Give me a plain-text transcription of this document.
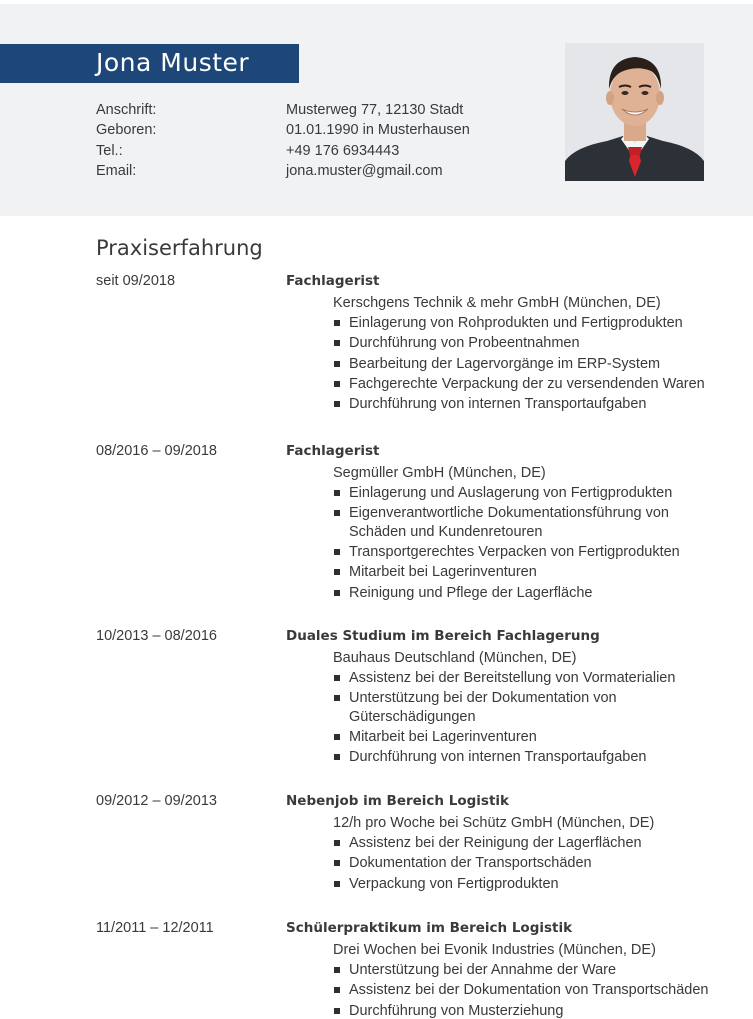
Jona Muster
Anschrift:	Musterweg 77, 12130 Stadt
Geboren:	01.01.1990 in Musterhausen
Tel.:	+49 176 6934443
Email:	jona.muster@gmail.com
Praxiserfahrung
seit 09/2018	Fachlagerist
Kerschgens Technik & mehr GmbH (München, DE)
Einlagerung von Rohprodukten und Fertigprodukten
Durchführung von Probeentnahmen
Bearbeitung der Lagervorgänge im ERP-System
Fachgerechte Verpackung der zu versendenden Waren
Durchführung von internen Transportaufgaben
08/2016 – 09/2018	Fachlagerist
Segmüller GmbH (München, DE)
Einlagerung und Auslagerung von Fertigprodukten
Eigenverantwortliche Dokumentationsführung von Schäden und Kundenretouren
Transportgerechtes Verpacken von Fertigprodukten
Mitarbeit bei Lagerinventuren
Reinigung und Pflege der Lagerfläche
10/2013 – 08/2016	Duales Studium im Bereich Fachlagerung
Bauhaus Deutschland (München, DE)
Assistenz bei der Bereitstellung von Vormaterialien
Unterstützung bei der Dokumentation von Güterschädigungen
Mitarbeit bei Lagerinventuren
Durchführung von internen Transportaufgaben
09/2012 – 09/2013	Nebenjob im Bereich Logistik
12/h pro Woche bei Schütz GmbH (München, DE)
Assistenz bei der Reinigung der Lagerflächen
Dokumentation der Transportschäden
Verpackung von Fertigprodukten
11/2011 – 12/2011	Schülerpraktikum im Bereich Logistik
Drei Wochen bei Evonik Industries (München, DE)
Unterstützung bei der Annahme der Ware
Assistenz bei der Dokumentation von Transportschäden
Durchführung von Musterziehung
